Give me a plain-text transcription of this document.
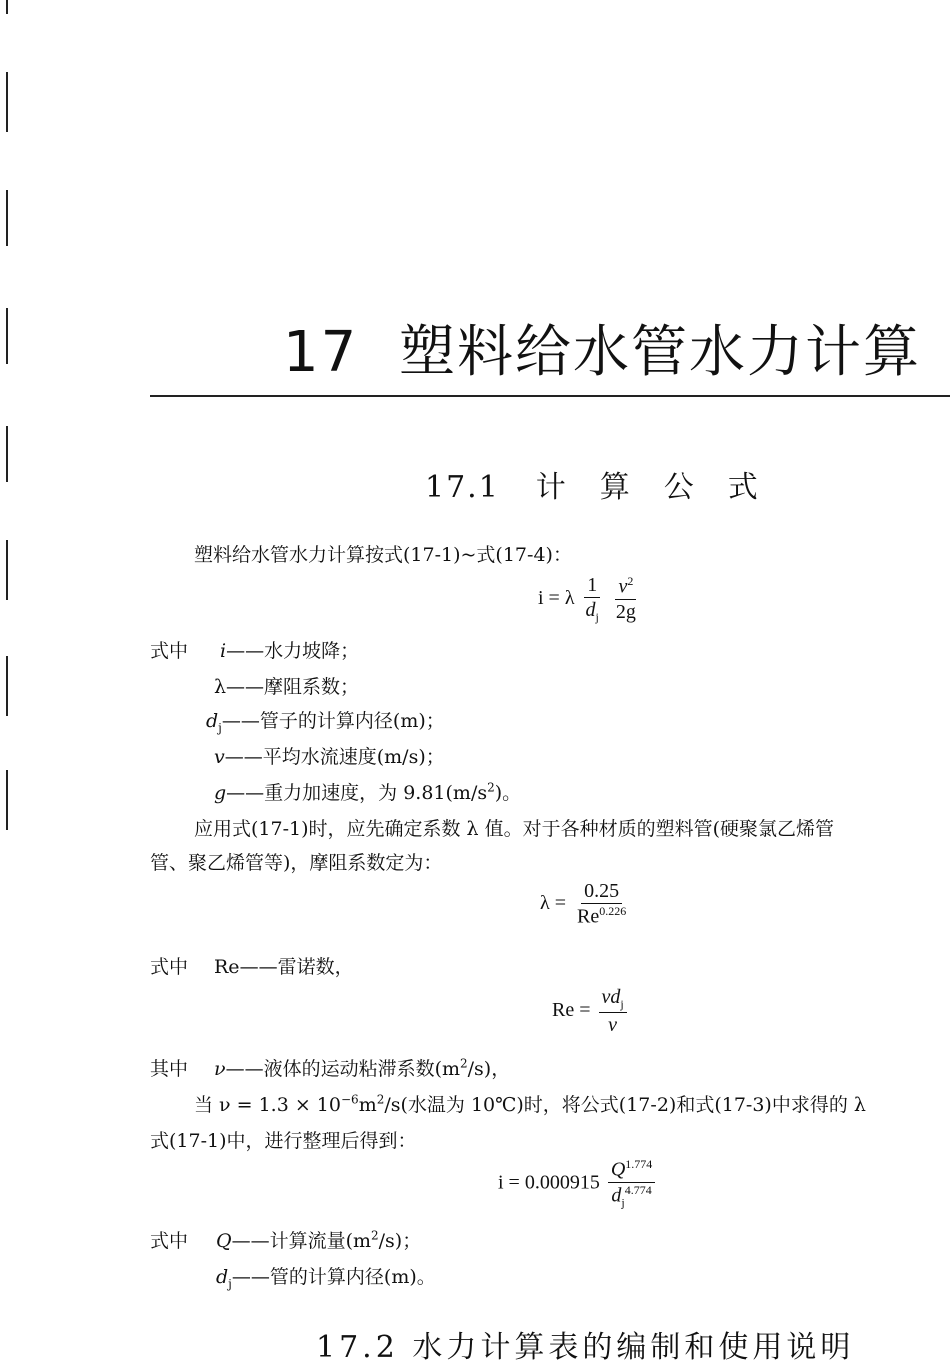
17 塑料给水管水力计算
17.1 计算公式
塑料给水管水力计算按式(17-1)~式(17-4)：
i = λ $\frac{1}{d_j}$
$\frac{v^2}{2g}$
式中 i——水力坡降；
λ——摩阻系数；
$d_j——$管子的计算内径(m)；
v——平均水流速度(m/s)；
g——重力加速度，为 $9.81(m/s^2)$。
应用式(17-1)时，应先确定系数 λ 值。对于各种材质的塑料管(硬聚氯乙烯管
管、聚乙烯管等)，摩阻系数定为：
$\lambda = \frac{0.25}{Re^{0.226}}$
式中 Re——雷诺数，
$Re = \frac{vd_j}{\nu}$
其中 ν——液体的运动粘滞系数$(m^2/s)$，
当 $\nu = 1.3 \times 10^{-6}m^2/s$(水温为 10℃)时，将公式(17-2)和式(17-3)中求得的 λ
式(17-1)中，进行整理后得到：
$i = 0.000915 \frac{Q^{1.774}}{d_j^{4.774}}$
式中 Q——计算流量$(m^2/s)$；
$d_j——$管的计算内径(m)。
17.2 水力计算表的编制和使用说明
